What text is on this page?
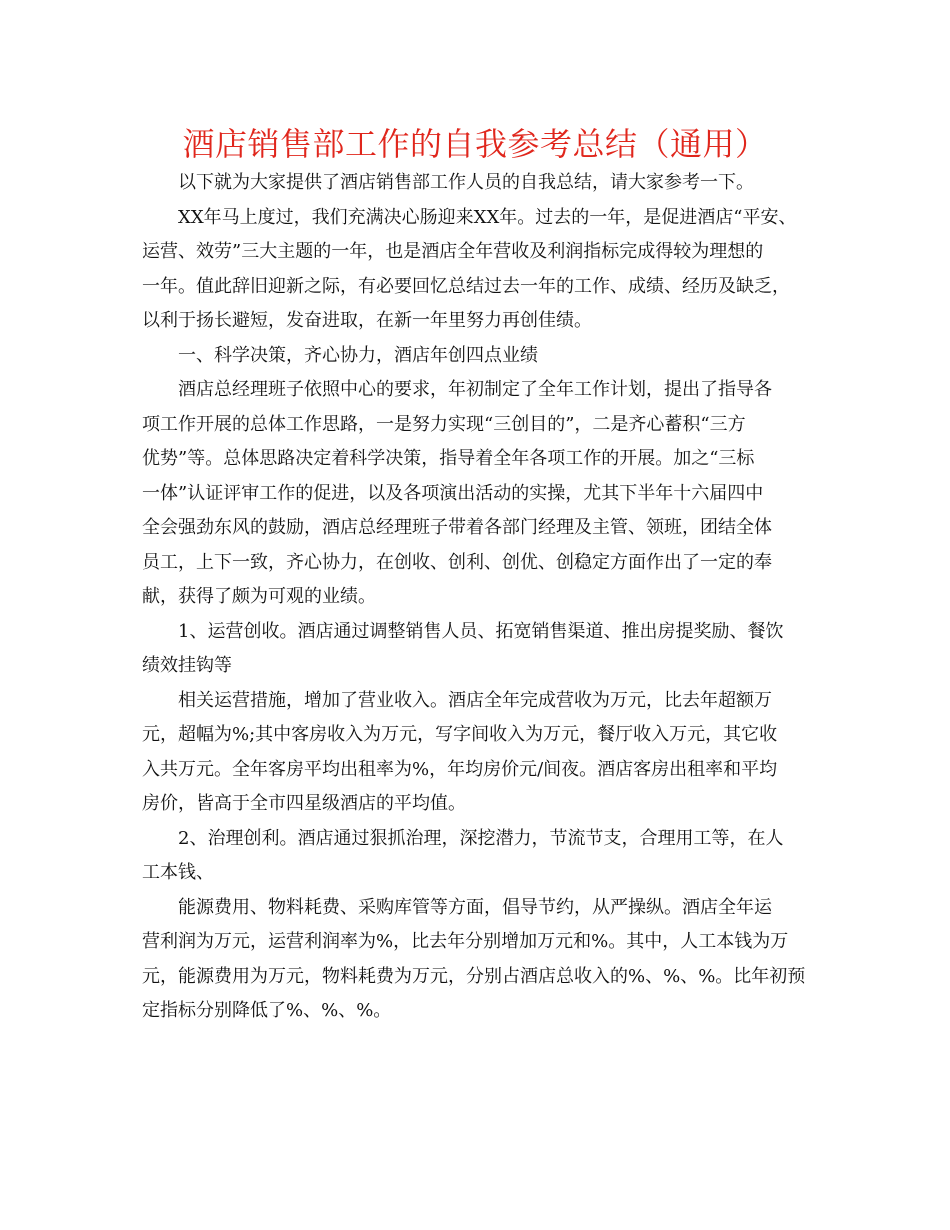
酒店销售部工作的自我参考总结（通用）
以下就为大家提供了酒店销售部工作人员的自我总结，请大家参考一下。
XX年马上度过，我们充满决心肠迎来XX年。过去的一年，是促进酒店“平安、
运营、效劳”三大主题的一年，也是酒店全年营收及利润指标完成得较为理想的
一年。值此辞旧迎新之际，有必要回忆总结过去一年的工作、成绩、经历及缺乏，
以利于扬长避短，发奋进取，在新一年里努力再创佳绩。
一、科学决策，齐心协力，酒店年创四点业绩
酒店总经理班子依照中心的要求，年初制定了全年工作计划，提出了指导各
项工作开展的总体工作思路，一是努力实现“三创目的”，二是齐心蓄积“三方
优势”等。总体思路决定着科学决策，指导着全年各项工作的开展。加之“三标
一体”认证评审工作的促进，以及各项演出活动的实操，尤其下半年十六届四中
全会强劲东风的鼓励，酒店总经理班子带着各部门经理及主管、领班，团结全体
员工，上下一致，齐心协力，在创收、创利、创优、创稳定方面作出了一定的奉
献，获得了颇为可观的业绩。
1、运营创收。酒店通过调整销售人员、拓宽销售渠道、推出房提奖励、餐饮
绩效挂钩等
相关运营措施，增加了营业收入。酒店全年完成营收为万元，比去年超额万
元，超幅为%;其中客房收入为万元，写字间收入为万元，餐厅收入万元，其它收
入共万元。全年客房平均出租率为%，年均房价元/间夜。酒店客房出租率和平均
房价，皆高于全市四星级酒店的平均值。
2、治理创利。酒店通过狠抓治理，深挖潜力，节流节支，合理用工等，在人
工本钱、
能源费用、物料耗费、采购库管等方面，倡导节约，从严操纵。酒店全年运
营利润为万元，运营利润率为%，比去年分别增加万元和%。其中，人工本钱为万
元，能源费用为万元，物料耗费为万元，分别占酒店总收入的%、%、%。比年初预
定指标分别降低了%、%、%。
